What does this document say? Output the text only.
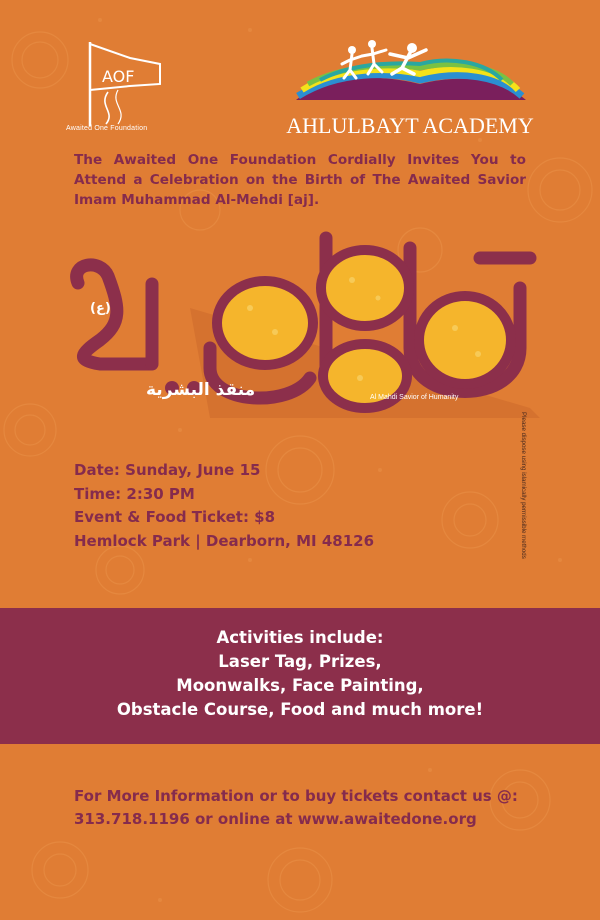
AOF
Awaited One Foundation	AHLULBAYT ACADEMY

The Awaited One Foundation Cordially Invites You to Attend a Celebration on the Birth of The Awaited Savior Imam Muhammad Al-Mehdi [aj].

(ع)
منقذ البشرية	Al Mahdi Savior of Humanity
Please dispose using islamically permissible methods
Date: Sunday, June 15
Time: 2:30 PM
Event & Food Ticket: $8
Hemlock Park | Dearborn, MI 48126
Activities include:
Laser Tag, Prizes,
Moonwalks, Face Painting,
Obstacle Course, Food and much more!
For More Information or to buy tickets contact us @:
313.718.1196 or online at www.awaitedone.org
